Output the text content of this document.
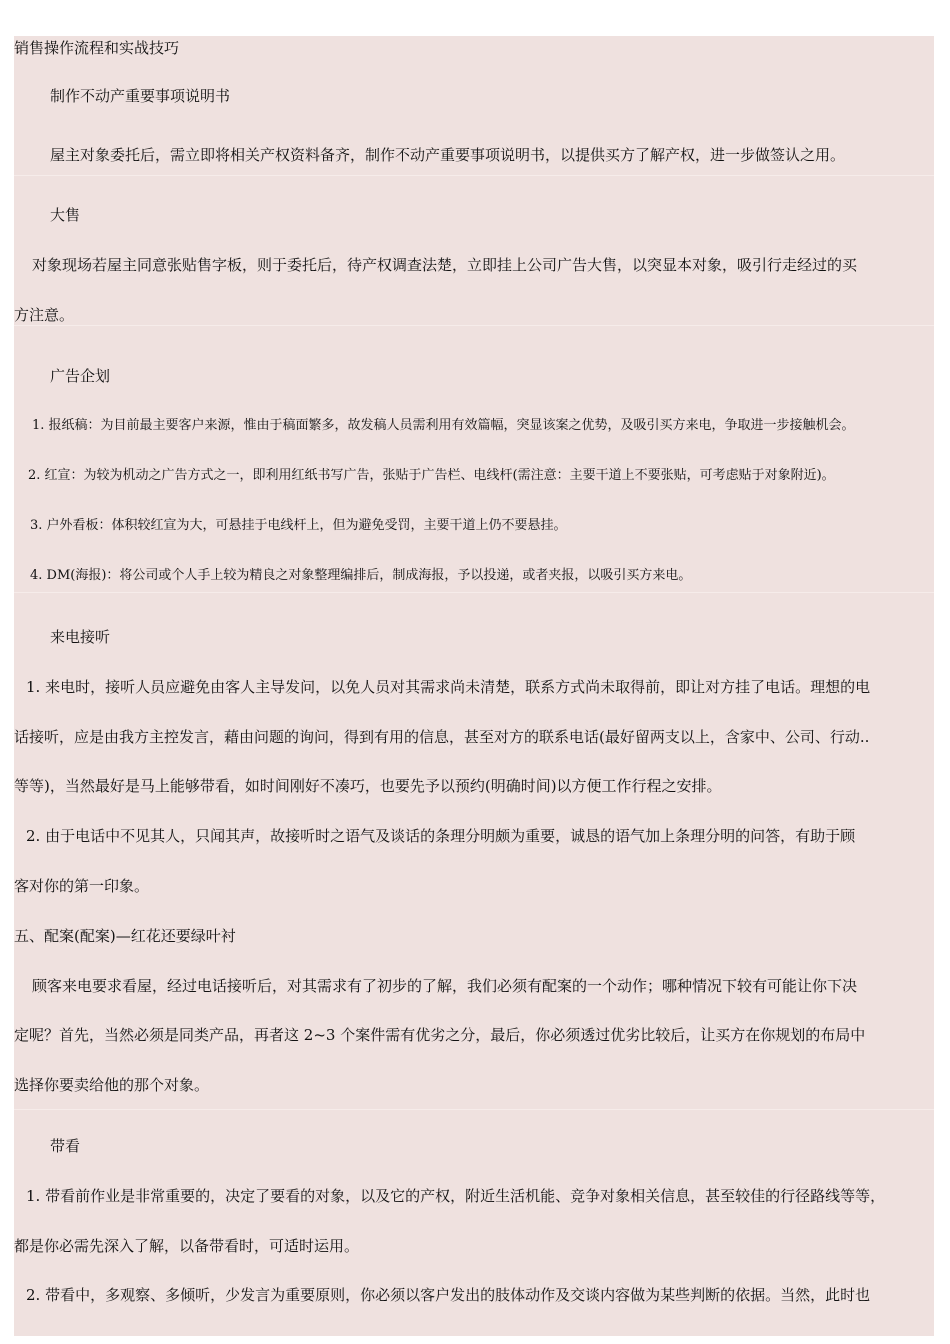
销售操作流程和实战技巧
制作不动产重要事项说明书
屋主对象委托后，需立即将相关产权资料备齐，制作不动产重要事项说明书，以提供买方了解产权，进一步做签认之用。
大售
对象现场若屋主同意张贴售字板，则于委托后，待产权调查法楚，立即挂上公司广告大售，以突显本对象，吸引行走经过的买
方注意。
广告企划
1. 报纸稿：为目前最主要客户来源，惟由于稿面繁多，故发稿人员需利用有效篇幅，突显该案之优势，及吸引买方来电，争取进一步接触机会。
2. 红宣：为较为机动之广告方式之一，即利用红纸书写广告，张贴于广告栏、电线杆(需注意：主要干道上不要张贴，可考虑贴于对象附近)。
3. 户外看板：体积较红宣为大，可悬挂于电线杆上，但为避免受罚，主要干道上仍不要悬挂。
4. DM(海报)：将公司或个人手上较为精良之对象整理编排后，制成海报，予以投递，或者夹报，以吸引买方来电。
来电接听
1. 来电时，接听人员应避免由客人主导发问，以免人员对其需求尚未清楚，联系方式尚未取得前，即让对方挂了电话。理想的电
话接听，应是由我方主控发言，藉由问题的询问，得到有用的信息，甚至对方的联系电话(最好留两支以上，含家中、公司、行动..
等等)，当然最好是马上能够带看，如时间刚好不凑巧，也要先予以预约(明确时间)以方便工作行程之安排。
2. 由于电话中不见其人，只闻其声，故接听时之语气及谈话的条理分明颇为重要，诚恳的语气加上条理分明的问答，有助于顾
客对你的第一印象。
五、配案(配案)—红花还要绿叶衬
顾客来电要求看屋，经过电话接听后，对其需求有了初步的了解，我们必须有配案的一个动作；哪种情况下较有可能让你下决
定呢？首先，当然必须是同类产品，再者这 2~3 个案件需有优劣之分，最后，你必须透过优劣比较后，让买方在你规划的布局中
选择你要卖给他的那个对象。
带看
1. 带看前作业是非常重要的，决定了要看的对象，以及它的产权，附近生活机能、竞争对象相关信息，甚至较佳的行径路线等等，
都是你必需先深入了解，以备带看时，可适时运用。
2. 带看中，多观察、多倾听，少发言为重要原则，你必须以客户发出的肢体动作及交谈内容做为某些判断的依据。当然，此时也
